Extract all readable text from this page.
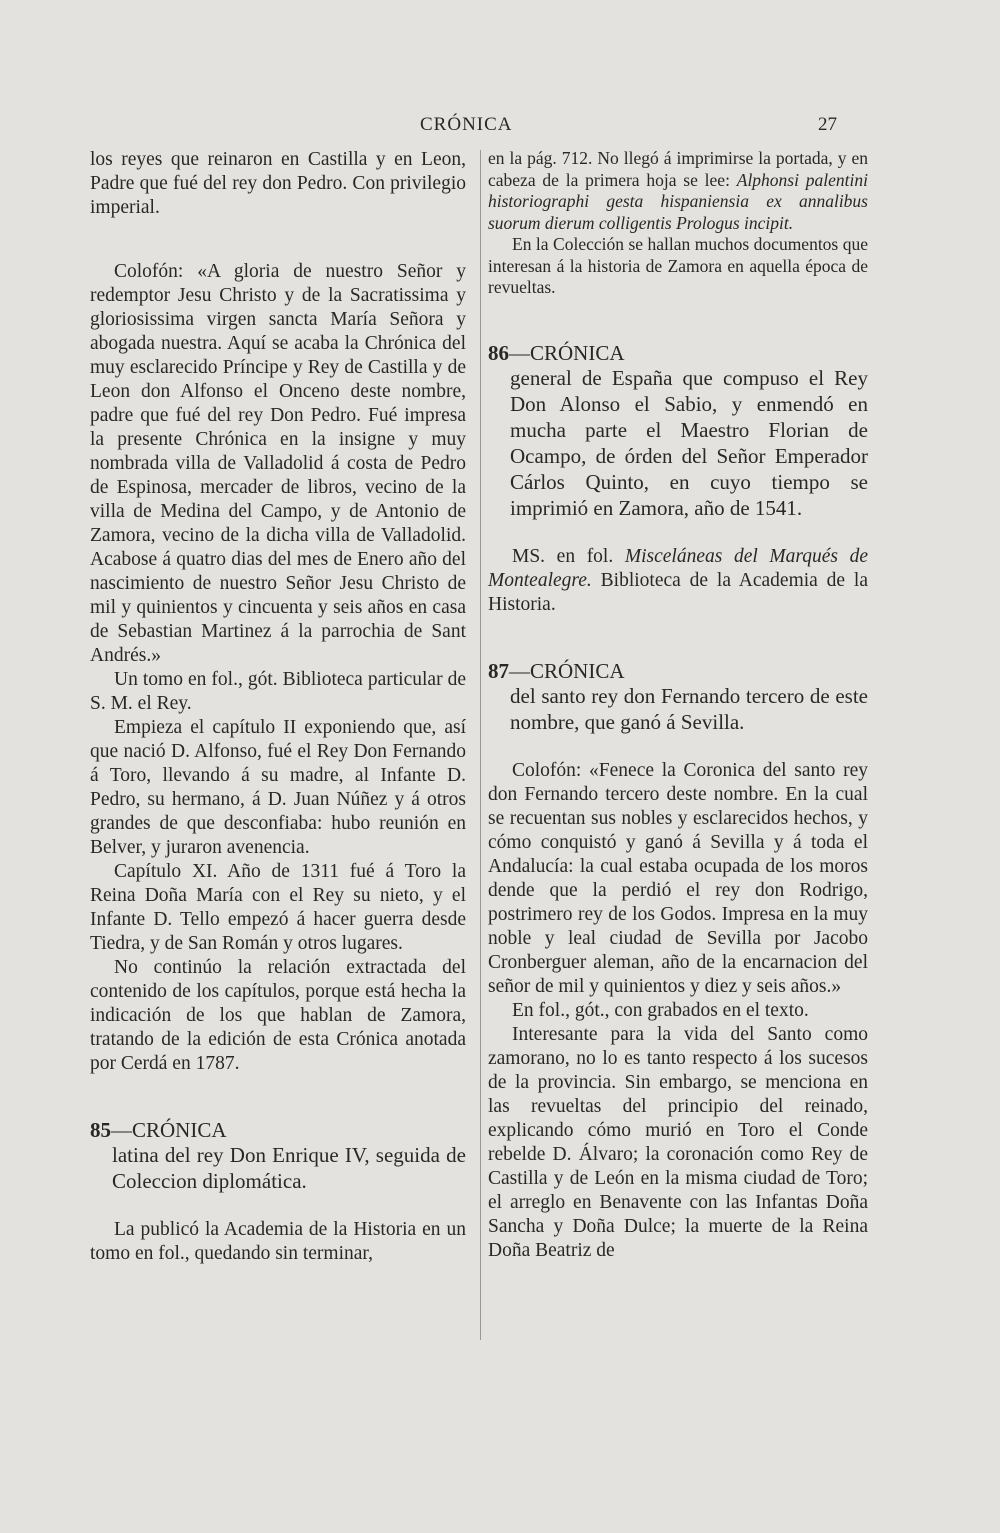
CRÓNICA	27

los reyes que reinaron en Castilla y en Leon, Padre que fué del rey don Pedro. Con privilegio imperial.

Colofón: «A gloria de nuestro Señor y redemptor Jesu Christo y de la Sacratissima y gloriosissima virgen sancta María Señora y abogada nuestra. Aquí se acaba la Chrónica del muy esclarecido Príncipe y Rey de Castilla y de Leon don Alfonso el Onceno deste nombre, padre que fué del rey Don Pedro. Fué impresa la presente Chrónica en la insigne y muy nombrada villa de Valladolid á costa de Pedro de Espinosa, mercader de libros, vecino de la villa de Medina del Campo, y de Antonio de Zamora, vecino de la dicha villa de Valladolid. Acabose á quatro dias del mes de Enero año del nascimiento de nuestro Señor Jesu Christo de mil y quinientos y cincuenta y seis años en casa de Sebastian Martinez á la parrochia de Sant Andrés.»

Un tomo en fol., gót. Biblioteca particular de S. M. el Rey.

Empieza el capítulo II exponiendo que, así que nació D. Alfonso, fué el Rey Don Fernando á Toro, llevando á su madre, al Infante D. Pedro, su hermano, á D. Juan Núñez y á otros grandes de que desconfiaba: hubo reunión en Belver, y juraron avenencia.

Capítulo XI. Año de 1311 fué á Toro la Reina Doña María con el Rey su nieto, y el Infante D. Tello empezó á hacer guerra desde Tiedra, y de San Román y otros lugares.

No continúo la relación extractada del contenido de los capítulos, porque está hecha la indicación de los que hablan de Zamora, tratando de la edición de esta Crónica anotada por Cerdá en 1787.

85—CRÓNICA

latina del rey Don Enrique IV, seguida de Coleccion diplomática.

La publicó la Academia de la Historia en un tomo en fol., quedando sin terminar,

en la pág. 712. No llegó á imprimirse la portada, y en cabeza de la primera hoja se lee: Alphonsi palentini historiographi gesta hispaniensia ex annalibus suorum dierum colligentis Prologus incipit.

En la Colección se hallan muchos documentos que interesan á la historia de Zamora en aquella época de revueltas.

86—CRÓNICA

general de España que compuso el Rey Don Alonso el Sabio, y enmendó en mucha parte el Maestro Florian de Ocampo, de órden del Señor Emperador Cárlos Quinto, en cuyo tiempo se imprimió en Zamora, año de 1541.

MS. en fol. Misceláneas del Marqués de Montealegre. Biblioteca de la Academia de la Historia.

87—CRÓNICA

del santo rey don Fernando tercero de este nombre, que ganó á Sevilla.

Colofón: «Fenece la Coronica del santo rey don Fernando tercero deste nombre. En la cual se recuentan sus nobles y esclarecidos hechos, y cómo conquistó y ganó á Sevilla y á toda el Andalucía: la cual estaba ocupada de los moros dende que la perdió el rey don Rodrigo, postrimero rey de los Godos. Impresa en la muy noble y leal ciudad de Sevilla por Jacobo Cronberguer aleman, año de la encarnacion del señor de mil y quinientos y diez y seis años.»

En fol., gót., con grabados en el texto.

Interesante para la vida del Santo como zamorano, no lo es tanto respecto á los sucesos de la provincia. Sin embargo, se menciona en las revueltas del principio del reinado, explicando cómo murió en Toro el Conde rebelde D. Álvaro; la coronación como Rey de Castilla y de León en la misma ciudad de Toro; el arreglo en Benavente con las Infantas Doña Sancha y Doña Dulce; la muerte de la Reina Doña Beatriz de
